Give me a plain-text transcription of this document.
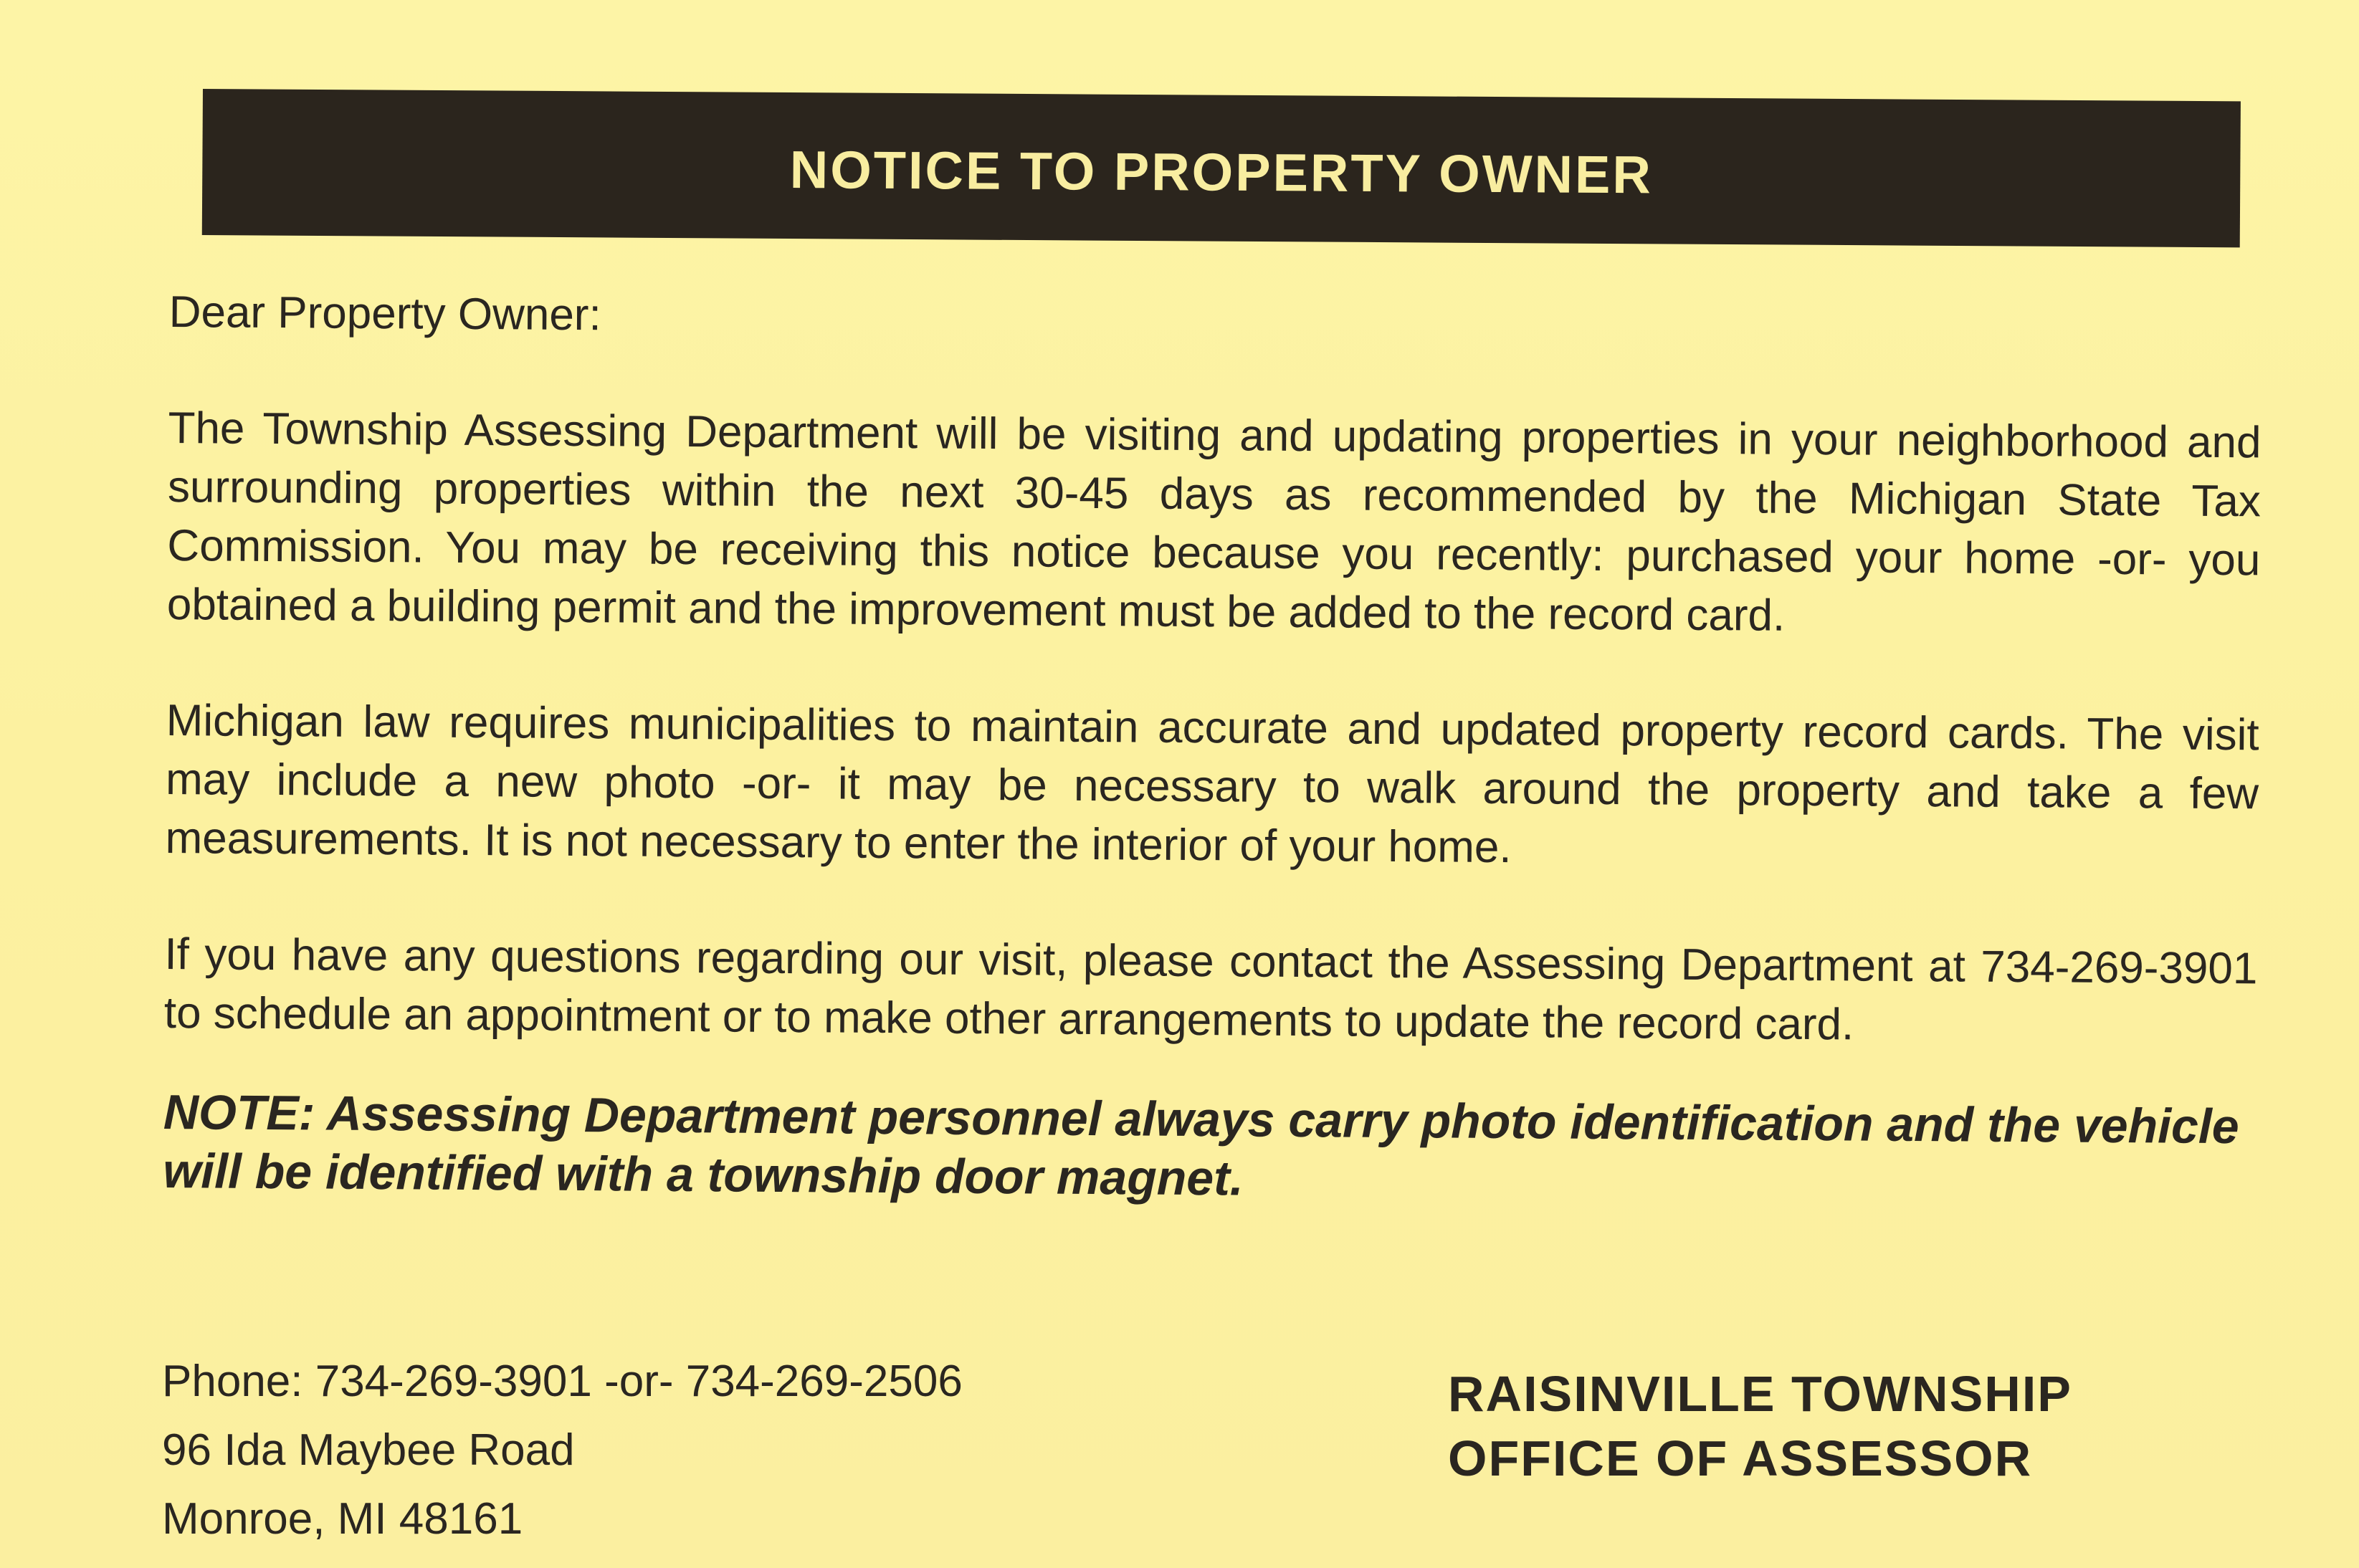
NOTICE TO PROPERTY OWNER

Dear Property Owner:

The Township Assessing Department will be visiting and updating properties in your neighborhood and surrounding properties within the next 30-45 days as recommended by the Michigan State Tax Commission. You may be receiving this notice because you recently: purchased your home -or- you obtained a building permit and the improvement must be added to the record card.

Michigan law requires municipalities to maintain accurate and updated property record cards. The visit may include a new photo -or- it may be necessary to walk around the property and take a few measurements. It is not necessary to enter the interior of your home.

If you have any questions regarding our visit, please contact the Assessing Department at 734-269-3901 to schedule an appointment or to make other arrangements to update the record card.

NOTE: Assessing Department personnel always carry photo identification and the vehicle will be identified with a township door magnet.

Phone: 734-269-3901 -or- 734-269-2506
96 Ida Maybee Road
Monroe, MI 48161
RAISINVILLE TOWNSHIP
OFFICE OF ASSESSOR
